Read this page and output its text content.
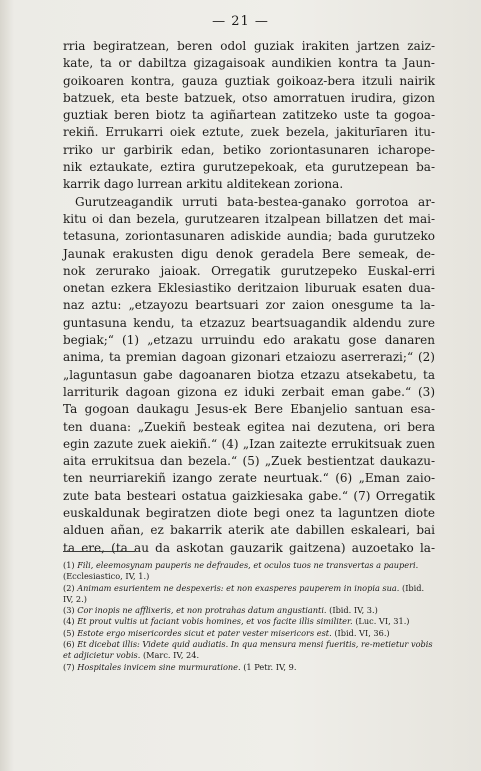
— 21 —
rria begiratzean, beren odol guziak irakiten jartzen zaiz-
kate, ta or dabiltza gizagaisoak aundikien kontra ta Jaun-
goikoaren kontra, gauza guztiak goikoaz-bera itzuli nairik
batzuek, eta beste batzuek, otso amorratuen irudira, gizon
guztiak beren biotz ta agiñartean zatitzeko uste ta gogoa-
rekiñ. Errukarri oiek eztute, zuek bezela, jakiturīaren itu-
rriko ur garbirik edan, betiko zoriontasunaren icharope-
nik eztaukate, eztira gurutzepekoak, eta gurutzepean ba-
karrik dago lurrean arkitu alditekean zoriona.
Gurutzeagandik urruti bata-bestea-ganako gorrotoa ar-
kitu oi dan bezela, gurutzearen itzalpean billatzen det mai-
tetasuna, zoriontasunaren adiskide aundia; bada gurutzeko
Jaunak erakusten digu denok geradela Bere semeak, de-
nok zerurako jaioak. Orregatik gurutzepeko Euskal-erri
onetan ezkera Eklesiastiko deritzaion liburuak esaten dua-
naz aztu: „etzayozu beartsuari zor zaion onesgume ta la-
guntasuna kendu, ta etzazuz beartsuagandik aldendu zure
begiak;“ (1) „etzazu urruindu edo arakatu gose danaren
anima, ta premian dagoan gizonari etzaiozu aserrerazi;“ (2)
„laguntasun gabe dagoanaren biotza etzazu atsekabetu, ta
larriturik dagoan gizona ez iduki zerbait eman gabe.“ (3)
Ta gogoan daukagu Jesus-ek Bere Ebanjelio santuan esa-
ten duana: „Zuekiñ besteak egitea nai dezutena, ori bera
egin zazute zuek aiekiñ.“ (4) „Izan zaitezte errukitsuak zuen
aita errukitsua dan bezela.“ (5) „Zuek bestientzat daukazu-
ten neurriarekiñ izango zerate neurtuak.“ (6) „Eman zaio-
zute bata besteari ostatua gaizkiesaka gabe.“ (7) Orregatik
euskaldunak begiratzen diote begi onez ta laguntzen diote
alduen añan, ez bakarrik aterik ate dabillen eskaleari, bai
ta ere, (ta au da askotan gauzarik gaitzena) auzoetako la-
(1) Fili, eleemosynam pauperis ne defraudes, et oculos tuos ne transvertas a pauperi. (Ecclesiastico, IV, 1.)
(2) Animam esurientem ne despexeris: et non exasperes pauperem in inopia sua. (Ibid. IV, 2.)
(3) Cor inopis ne afflixeris, et non protrahas datum angustianti. (Ibid. IV, 3.)
(4) Et prout vultis ut faciant vobis homines, et vos facite illis similiter. (Luc. VI, 31.)
(5) Estote ergo misericordes sicut et pater vester misericors est. (Ibid. VI, 36.)
(6) Et dicebat illis: Videte quid audiatis. In qua mensura mensi fueritis, re-metietur vobis et adjicietur vobis. (Marc. IV, 24.
(7) Hospitales invicem sine murmuratione. (1 Petr. IV, 9.
